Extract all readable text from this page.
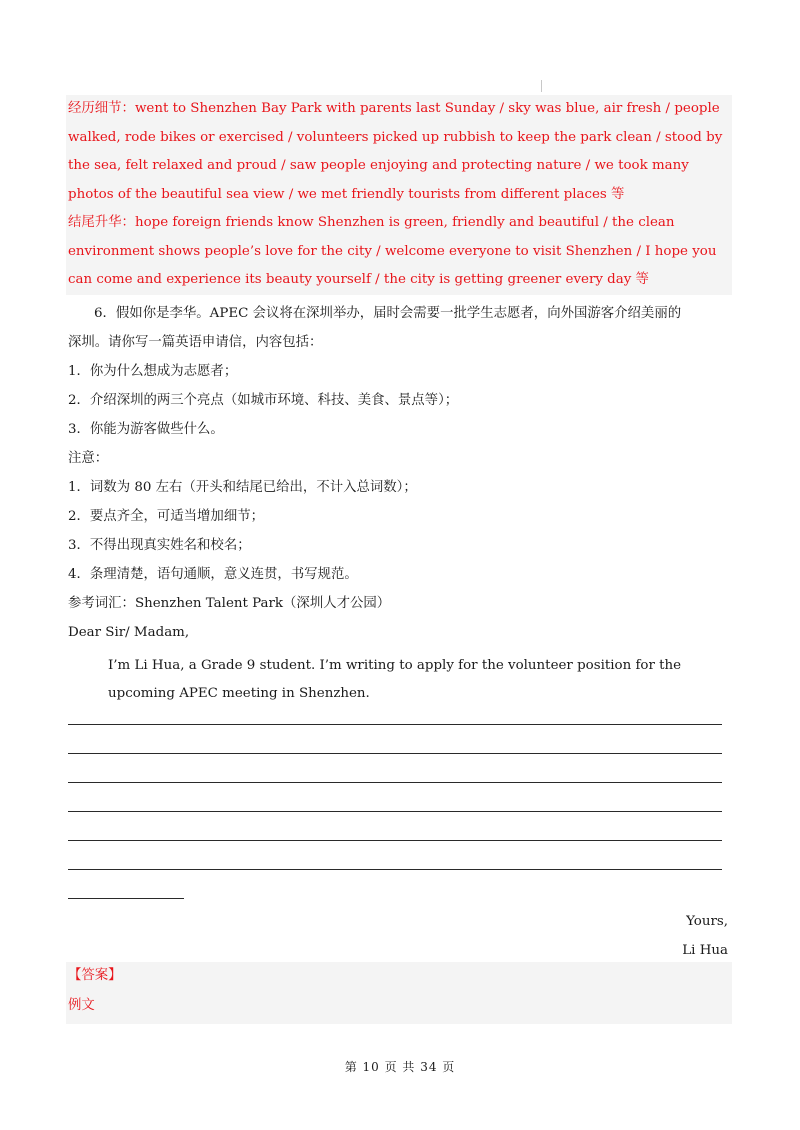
经历细节：went to Shenzhen Bay Park with parents last Sunday / sky was blue, air fresh / people walked, rode bikes or exercised / volunteers picked up rubbish to keep the park clean / stood by the sea, felt relaxed and proud / saw people enjoying and protecting nature / we took many photos of the beautiful sea view / we met friendly tourists from different places 等

结尾升华：hope foreign friends know Shenzhen is green, friendly and beautiful / the clean environment shows people’s love for the city / welcome everyone to visit Shenzhen / I hope you can come and experience its beauty yourself / the city is getting greener every day 等

6．假如你是李华。APEC 会议将在深圳举办，届时会需要一批学生志愿者，向外国游客介绍美丽的
深圳。请你写一篇英语申请信，内容包括：
1．你为什么想成为志愿者；
2．介绍深圳的两三个亮点（如城市环境、科技、美食、景点等）；
3．你能为游客做些什么。
注意：
1．词数为 80 左右（开头和结尾已给出，不计入总词数）；
2．要点齐全，可适当增加细节；
3．不得出现真实姓名和校名；
4．条理清楚，语句通顺，意义连贯，书写规范。
参考词汇：Shenzhen Talent Park（深圳人才公园）
Dear Sir/ Madam,
I’m Li Hua, a Grade 9 student. I’m writing to apply for the volunteer position for the upcoming APEC meeting in Shenzhen.
Yours,
Li Hua
【答案】
例文
第 10 页 共 34 页
